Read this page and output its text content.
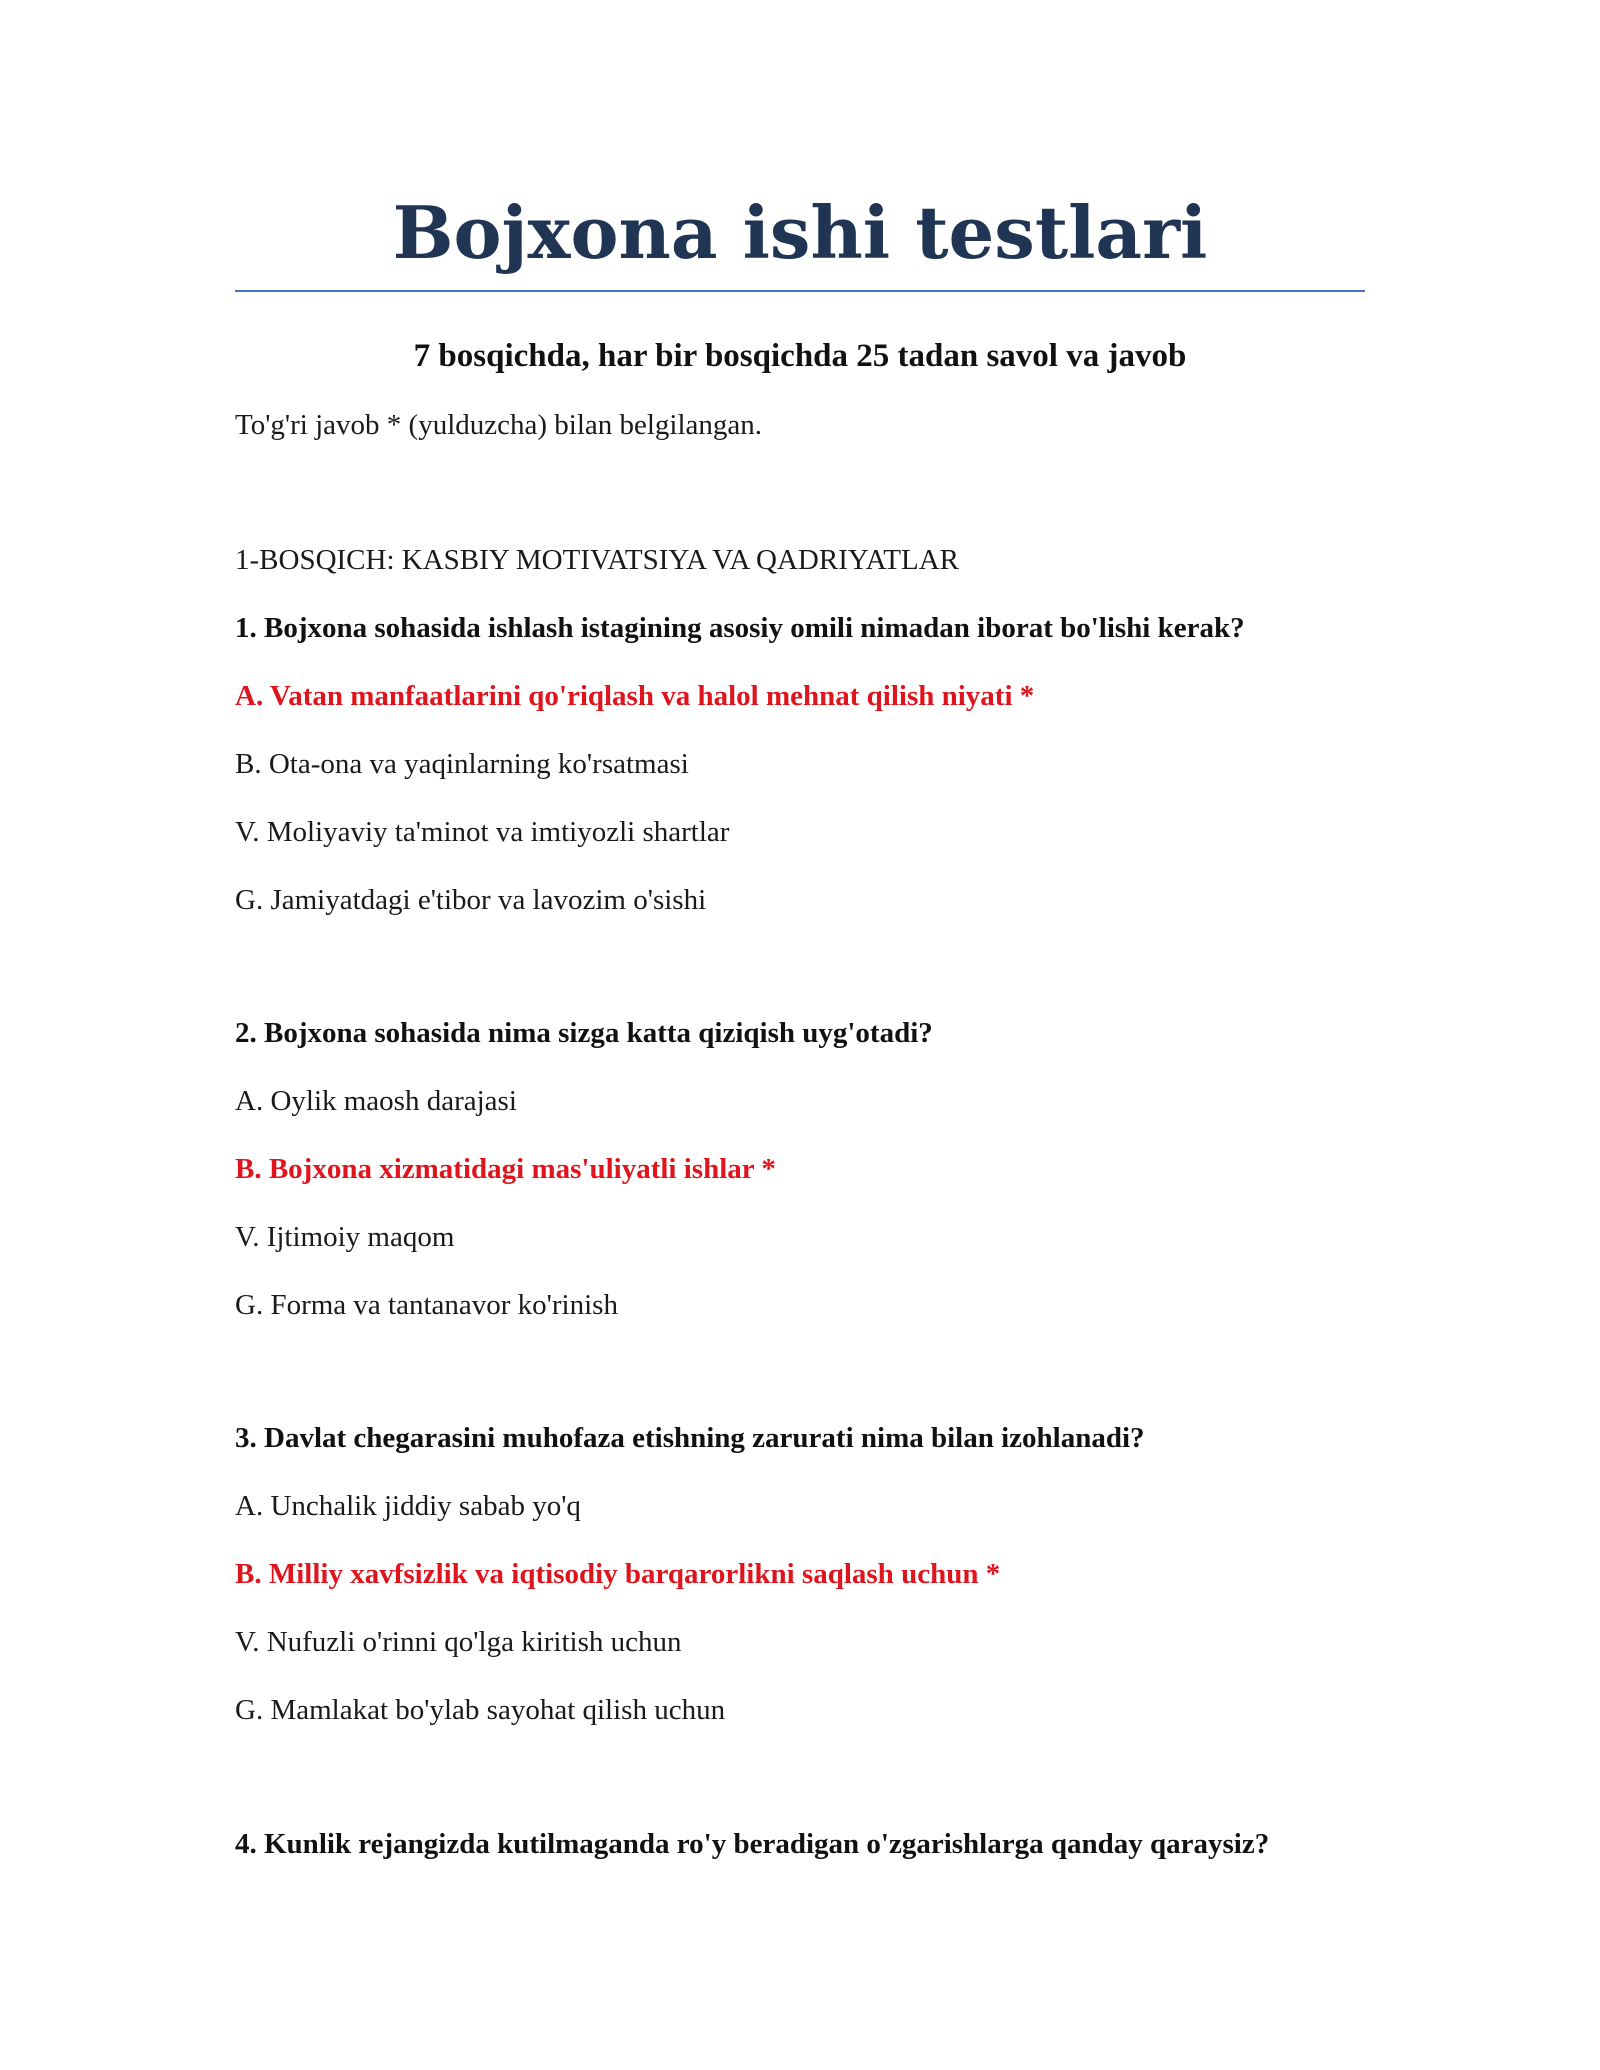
Bojxona ishi testlari
7 bosqichda, har bir bosqichda 25 tadan savol va javob

To'g'ri javob * (yulduzcha) bilan belgilangan.

1-BOSQICH: KASBIY MOTIVATSIYA VA QADRIYATLAR

1. Bojxona sohasida ishlash istagining asosiy omili nimadan iborat bo'lishi kerak?

A. Vatan manfaatlarini qo'riqlash va halol mehnat qilish niyati *

B. Ota-ona va yaqinlarning ko'rsatmasi

V. Moliyaviy ta'minot va imtiyozli shartlar

G. Jamiyatdagi e'tibor va lavozim o'sishi

2. Bojxona sohasida nima sizga katta qiziqish uyg'otadi?

A. Oylik maosh darajasi

B. Bojxona xizmatidagi mas'uliyatli ishlar *

V. Ijtimoiy maqom

G. Forma va tantanavor ko'rinish

3. Davlat chegarasini muhofaza etishning zarurati nima bilan izohlanadi?

A. Unchalik jiddiy sabab yo'q

B. Milliy xavfsizlik va iqtisodiy barqarorlikni saqlash uchun *

V. Nufuzli o'rinni qo'lga kiritish uchun

G. Mamlakat bo'ylab sayohat qilish uchun

4. Kunlik rejangizda kutilmaganda ro'y beradigan o'zgarishlarga qanday qaraysiz?
